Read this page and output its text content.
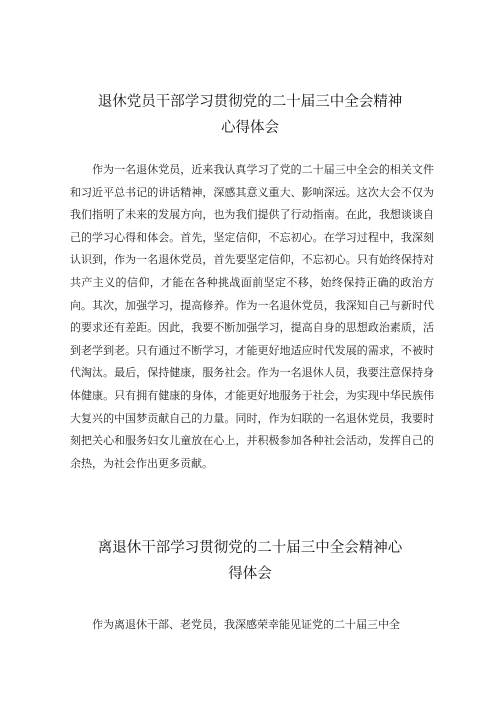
退休党员干部学习贯彻党的二十届三中全会精神心得体会

作为一名退休党员，近来我认真学习了党的二十届三中全会的相关文件和习近平总书记的讲话精神，深感其意义重大、影响深远。这次大会不仅为我们指明了未来的发展方向，也为我们提供了行动指南。在此，我想谈谈自己的学习心得和体会。首先，坚定信仰，不忘初心。在学习过程中，我深刻认识到，作为一名退休党员，首先要坚定信仰，不忘初心。只有始终保持对共产主义的信仰，才能在各种挑战面前坚定不移，始终保持正确的政治方向。其次，加强学习，提高修养。作为一名退休党员，我深知自己与新时代的要求还有差距。因此，我要不断加强学习，提高自身的思想政治素质，活到老学到老。只有通过不断学习，才能更好地适应时代发展的需求，不被时代淘汰。最后，保持健康，服务社会。作为一名退休人员，我要注意保持身体健康。只有拥有健康的身体，才能更好地服务于社会，为实现中华民族伟大复兴的中国梦贡献自己的力量。同时，作为妇联的一名退休党员，我要时刻把关心和服务妇女儿童放在心上，并积极参加各种社会活动，发挥自己的余热，为社会作出更多贡献。

离退休干部学习贯彻党的二十届三中全会精神心得体会

作为离退休干部、老党员，我深感荣幸能见证党的二十届三中全
